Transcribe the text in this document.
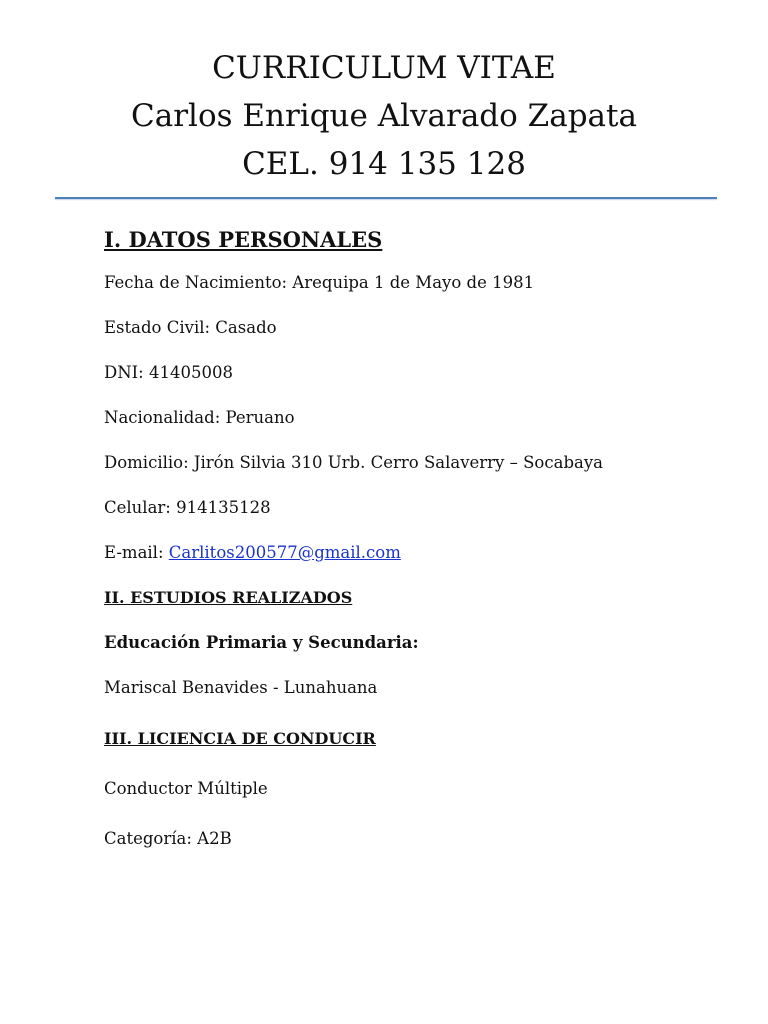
CURRICULUM VITAE
Carlos Enrique Alvarado Zapata
CEL. 914 135 128
I. DATOS PERSONALES
Fecha de Nacimiento: Arequipa 1 de Mayo de 1981
Estado Civil: Casado
DNI: 41405008
Nacionalidad: Peruano
Domicilio: Jirón Silvia 310 Urb. Cerro Salaverry – Socabaya
Celular: 914135128
E-mail: Carlitos200577@gmail.com
II. ESTUDIOS REALIZADOS
Educación Primaria y Secundaria:
Mariscal Benavides - Lunahuana
III. LICIENCIA DE CONDUCIR
Conductor Múltiple
Categoría: A2B
